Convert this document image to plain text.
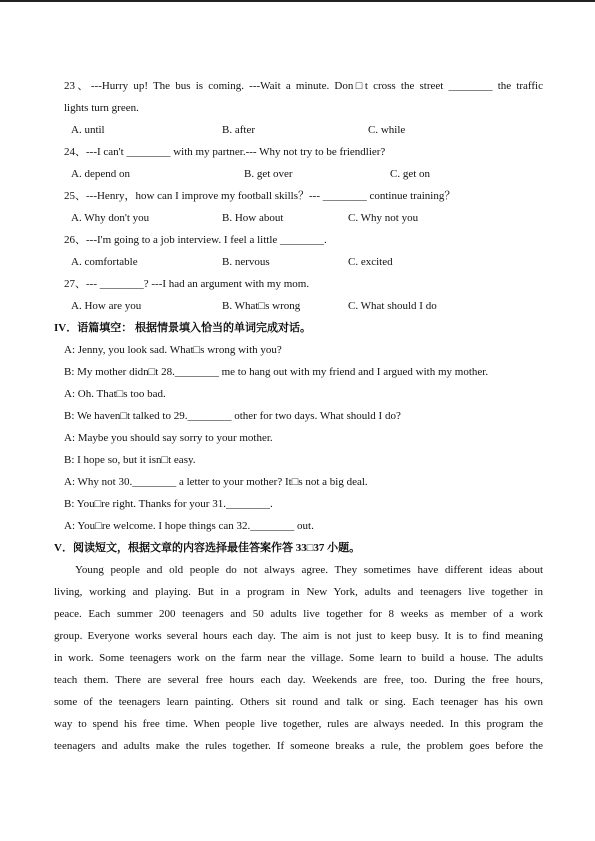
23、---Hurry up! The bus is coming. ---Wait a minute. Don□t cross the street ________ the traffic
lights turn green.
A. until	B. after	C. while
24、---I can't ________ with my partner.--- Why not try to be friendlier?
A. depend on	B. get over	C. get on
25、---Henry，how can I improve my football skills？--- ________ continue training？
A. Why don't you	B. How about	C. Why not you
26、---I'm going to a job interview. I feel a little ________.
A. comfortable	B. nervous	C. excited
27、--- ________? ---I had an argument with my mom.
A. How are you	B. What□s wrong	C. What should I do
IV．语篇填空： 根据情景填入恰当的单词完成对话。
A: Jenny, you look sad. What□s wrong with you?
B: My mother didn□t 28.________ me to hang out with my friend and I argued with my mother.
A: Oh. That□s too bad.
B: We haven□t talked to 29.________ other for two days. What should I do?
A: Maybe you should say sorry to your mother.
B: I hope so, but it isn□t easy.
A: Why not 30.________ a letter to your mother? It□s not a big deal.
B: You□re right. Thanks for your 31.________.
A: You□re welcome. I hope things can 32.________ out.
V．阅读短文，根据文章的内容选择最佳答案作答 33□37 小题。
Young people and old people do not always agree. They sometimes have different ideas about
living, working and playing. But in a program in New York, adults and teenagers live together in
peace. Each summer 200 teenagers and 50 adults live together for 8 weeks as member of a work
group. Everyone works several hours each day. The aim is not just to keep busy. It is to find meaning
in work. Some teenagers work on the farm near the village. Some learn to build a house. The adults
teach them. There are several free hours each day. Weekends are free, too. During the free hours,
some of the teenagers learn painting. Others sit round and talk or sing. Each teenager has his own
way to spend his free time. When people live together, rules are always needed. In this program the
teenagers and adults make the rules together. If someone breaks a rule, the problem goes before the
